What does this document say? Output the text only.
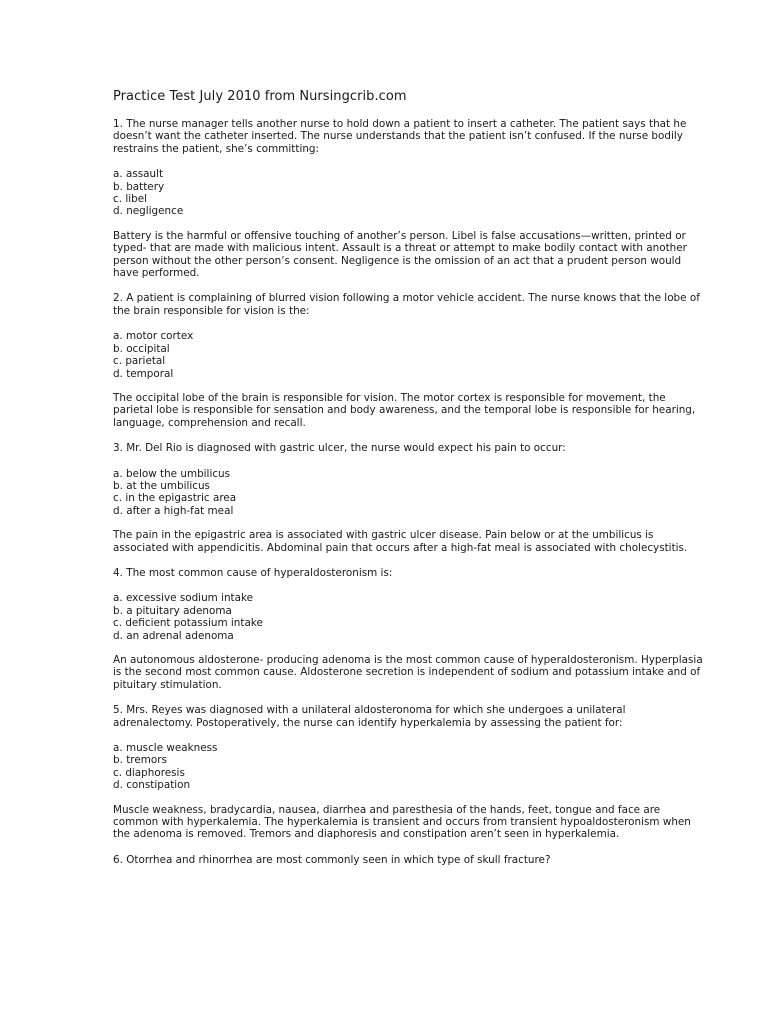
Practice Test July 2010 from Nursingcrib.com

1. The nurse manager tells another nurse to hold down a patient to insert a catheter. The patient says that he doesn’t want the catheter inserted. The nurse understands that the patient isn’t confused. If the nurse bodily restrains the patient, she’s committing:

a. assault
b. battery
c. libel
d. negligence

Battery is the harmful or offensive touching of another’s person. Libel is false accusations—written, printed or typed- that are made with malicious intent. Assault is a threat or attempt to make bodily contact with another person without the other person’s consent. Negligence is the omission of an act that a prudent person would have performed.

2. A patient is complaining of blurred vision following a motor vehicle accident. The nurse knows that the lobe of the brain responsible for vision is the:

a. motor cortex
b. occipital
c. parietal
d. temporal

The occipital lobe of the brain is responsible for vision. The motor cortex is responsible for movement, the parietal lobe is responsible for sensation and body awareness, and the temporal lobe is responsible for hearing, language, comprehension and recall.

3. Mr. Del Rio is diagnosed with gastric ulcer, the nurse would expect his pain to occur:

a. below the umbilicus
b. at the umbilicus
c. in the epigastric area
d. after a high-fat meal

The pain in the epigastric area is associated with gastric ulcer disease. Pain below or at the umbilicus is associated with appendicitis. Abdominal pain that occurs after a high-fat meal is associated with cholecystitis.

4. The most common cause of hyperaldosteronism is:

a. excessive sodium intake
b. a pituitary adenoma
c. deficient potassium intake
d. an adrenal adenoma

An autonomous aldosterone- producing adenoma is the most common cause of hyperaldosteronism. Hyperplasia is the second most common cause. Aldosterone secretion is independent of sodium and potassium intake and of pituitary stimulation.

5. Mrs. Reyes was diagnosed with a unilateral aldosteronoma for which she undergoes a unilateral adrenalectomy. Postoperatively, the nurse can identify hyperkalemia by assessing the patient for:

a. muscle weakness
b. tremors
c. diaphoresis
d. constipation

Muscle weakness, bradycardia, nausea, diarrhea and paresthesia of the hands, feet, tongue and face are common with hyperkalemia. The hyperkalemia is transient and occurs from transient hypoaldosteronism when the adenoma is removed. Tremors and diaphoresis and constipation aren’t seen in hyperkalemia.

6. Otorrhea and rhinorrhea are most commonly seen in which type of skull fracture?
